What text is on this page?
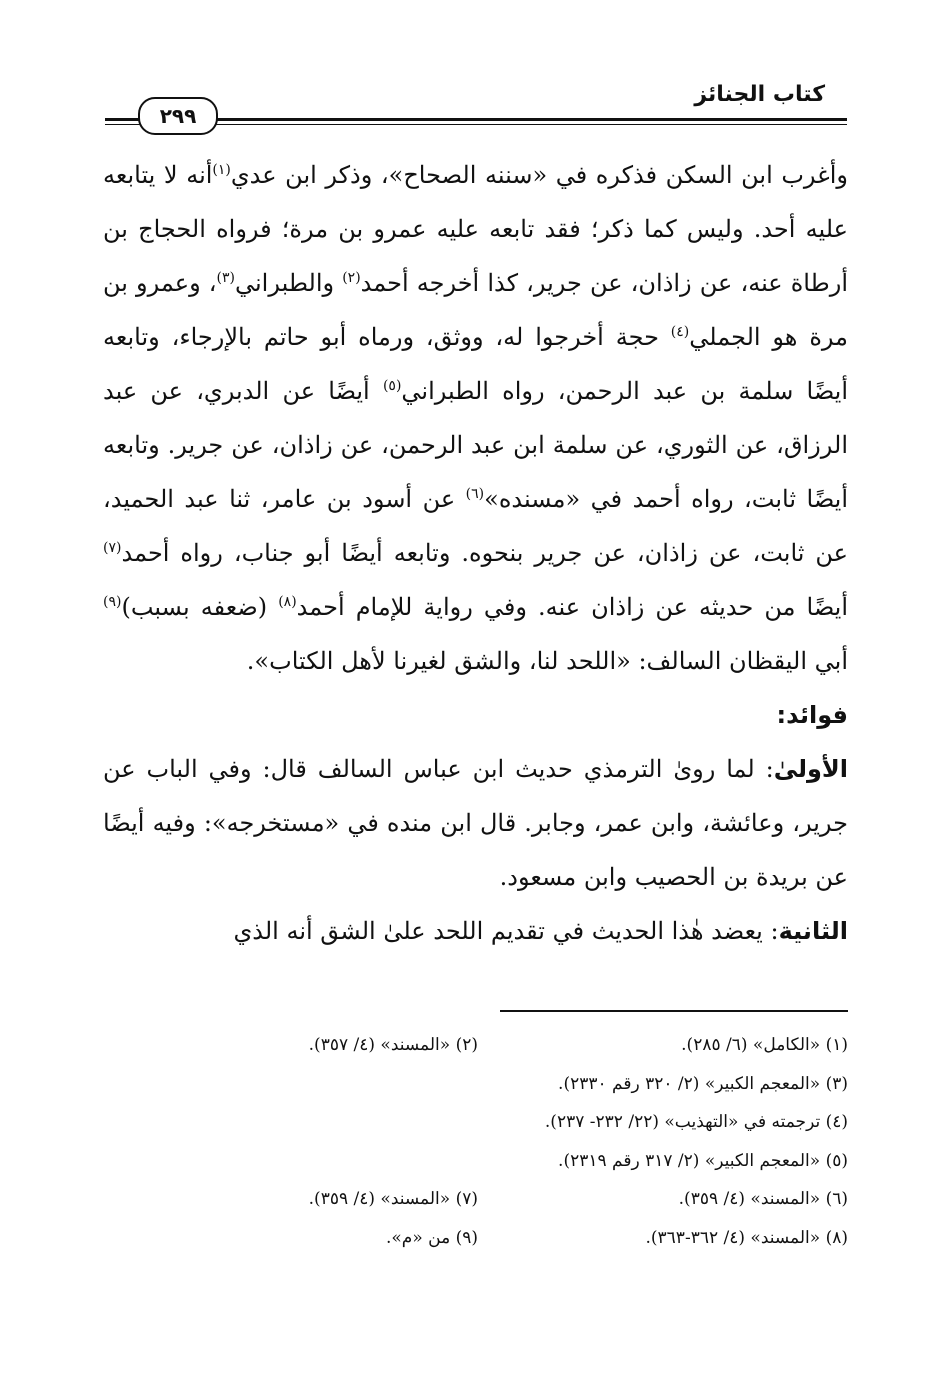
كتاب الجنائز
٢٩٩

وأغرب ابن السكن فذكره في «سننه الصحاح»، وذكر ابن عدي$^{(١)}$أنه لا يتابعه عليه أحد. وليس كما ذكر؛ فقد تابعه عليه عمرو بن مرة؛ فرواه الحجاج بن أرطاة عنه، عن زاذان، عن جرير، كذا أخرجه أحمد$^{(٢)}$ والطبراني$^{(٣)}$، وعمرو بن مرة هو الجملي$^{(٤)}$ حجة أخرجوا له، ووثق، ورماه أبو حاتم بالإرجاء، وتابعه أيضًا سلمة بن عبد الرحمن، رواه الطبراني$^{(٥)}$ أيضًا عن الدبري، عن عبد الرزاق، عن الثوري، عن سلمة ابن عبد الرحمن، عن زاذان، عن جرير. وتابعه أيضًا ثابت، رواه أحمد في «مسنده»$^{(٦)}$ عن أسود بن عامر، ثنا عبد الحميد، عن ثابت، عن زاذان، عن جرير بنحوه. وتابعه أيضًا أبو جناب، رواه أحمد$^{(٧)}$ أيضًا من حديثه عن زاذان عنه. وفي رواية للإمام أحمد$^{(٨)}$ (ضعفه بسبب)$^{(٩)}$ أبي اليقظان السالف: «اللحد لنا، والشق لغيرنا لأهل الكتاب».

فوائد:

الأولىٰ: لما رویٰ الترمذي حديث ابن عباس السالف قال: وفي الباب عن جرير، وعائشة، وابن عمر، وجابر. قال ابن منده في «مستخرجه»: وفيه أيضًا عن بريدة بن الحصيب وابن مسعود.

الثانية: يعضد هٰذا الحديث في تقديم اللحد علىٰ الشق أنه الذي

(١) «الكامل» (٦/ ٢٨٥).
(٢) «المسند» (٤/ ٣٥٧).
(٣) «المعجم الكبير» (٢/ ٣٢٠ رقم ٢٣٣٠).
(٤) ترجمته في «التهذيب» (٢٢/ ٢٣٢- ٢٣٧).
(٥) «المعجم الكبير» (٢/ ٣١٧ رقم ٢٣١٩).
(٦) «المسند» (٤/ ٣٥٩).
(٧) «المسند» (٤/ ٣٥٩).
(٨) «المسند» (٤/ ٣٦٢-٣٦٣).
(٩) من «م».
